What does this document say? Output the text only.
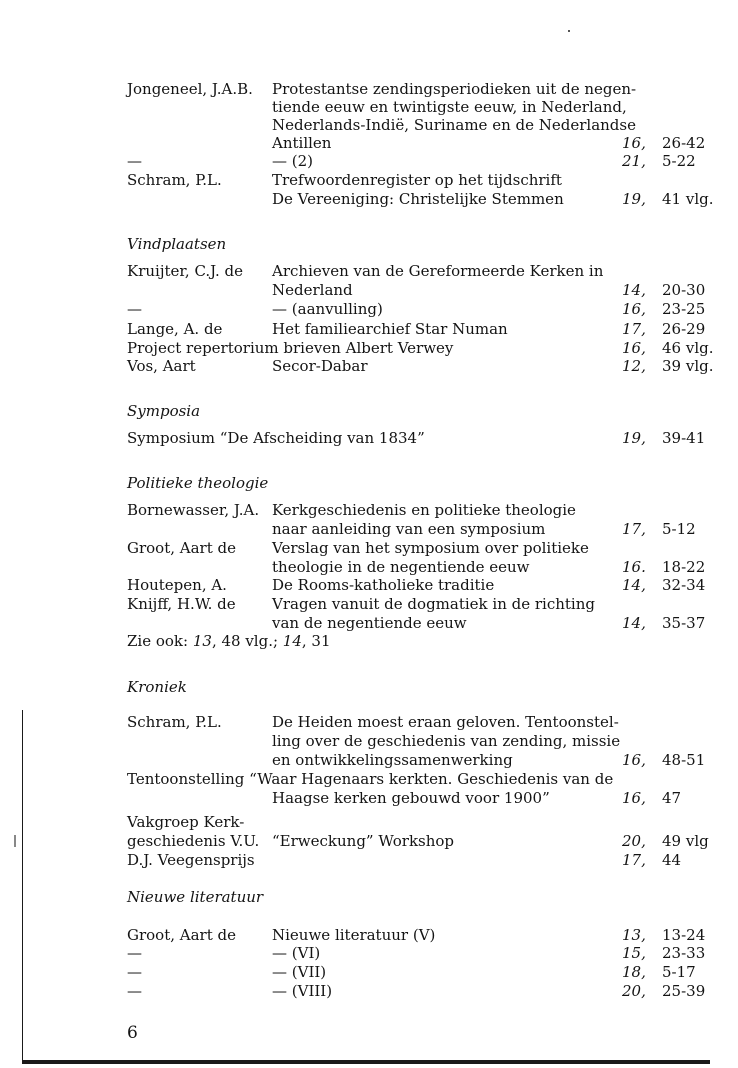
Jongeneel, J.A.B. Protestantse zendingsperiodieken uit de negen-
tiende eeuw en twintigste eeuw, in Nederland,
Nederlands-Indië, Suriname en de Nederlandse
Antillen	16, 26-42
—	— (2)	21, 5-22
Schram, P.L.	Trefwoordenregister op het tijdschrift
De Vereeniging: Christelijke Stemmen	19, 41 vlg.
Vindplaatsen
Kruijter, C.J. de Archieven van de Gereformeerde Kerken in
Nederland	14, 20-30
—	— (aanvulling)	16, 23-25
Lange, A. de	Het familiearchief Star Numan	17, 26-29
Project repertorium brieven Albert Verwey	16, 46 vlg.
Vos, Aart	Secor-Dabar	12, 39 vlg.
Symposia
Symposium “De Afscheiding van 1834”	19, 39-41
Politieke theologie
Bornewasser, J.A. Kerkgeschiedenis en politieke theologie
naar aanleiding van een symposium	17, 5-12
Groot, Aart de Verslag van het symposium over politieke
theologie in de negentiende eeuw	16. 18-22
Houtepen, A.	De Rooms-katholieke traditie	14, 32-34
Knijff, H.W. de Vragen vanuit de dogmatiek in de richting
van de negentiende eeuw	14, 35-37
Zie ook: 13, 48 vlg.; 14, 31
Kroniek
Schram, P.L.	De Heiden moest eraan geloven. Tentoonstel-
ling over de geschiedenis van zending, missie
en ontwikkelingssamenwerking	16, 48-51
Tentoonstelling “Waar Hagenaars kerkten. Geschiedenis van de
Haagse kerken gebouwd voor 1900”	16, 47
Vakgroep Kerk-
geschiedenis V.U. “Erweckung” Workshop	20, 49 vlg
D.J. Veegensprijs	17, 44
Nieuwe literatuur
Groot, Aart de Nieuwe literatuur (V)	13, 13-24
—	— (VI)	15, 23-33
—	— (VII)	18, 5-17
—	— (VIII)	20, 25-39
6
